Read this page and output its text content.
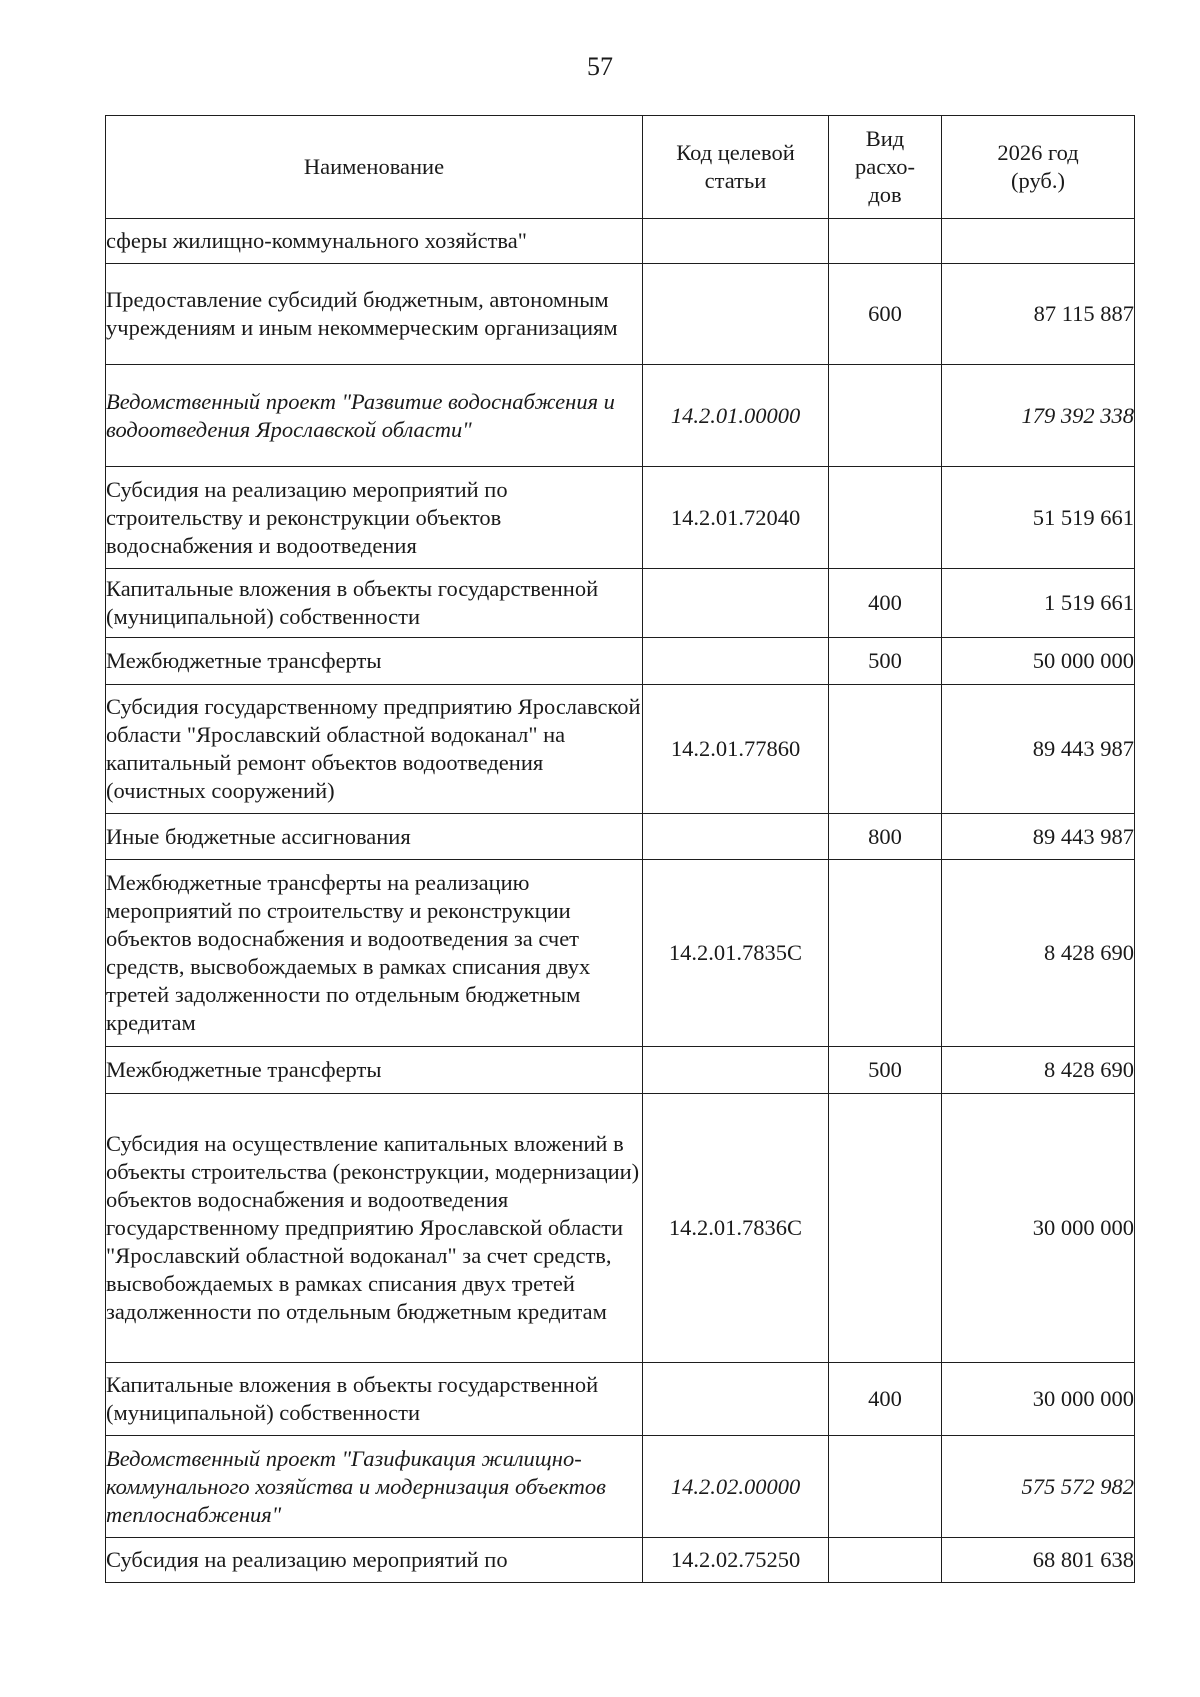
57
Наименование	Код целевой статьи	Вид расхо-дов	2026 год (руб.)
сферы жилищно-коммунального хозяйства"			
Предоставление субсидий бюджетным, автономным учреждениям и иным некоммерческим организациям		600	87 115 887
Ведомственный проект "Развитие водоснабжения и водоотведения Ярославской области"	14.2.01.00000		179 392 338
Субсидия на реализацию мероприятий по строительству и реконструкции объектов водоснабжения и водоотведения	14.2.01.72040		51 519 661
Капитальные вложения в объекты государственной (муниципальной) собственности		400	1 519 661
Межбюджетные трансферты		500	50 000 000
Субсидия государственному предприятию Ярославской области "Ярославский областной водоканал" на капитальный ремонт объектов водоотведения (очистных сооружений)	14.2.01.77860		89 443 987
Иные бюджетные ассигнования		800	89 443 987
Межбюджетные трансферты на реализацию мероприятий по строительству и реконструкции объектов водоснабжения и водоотведения за счет средств, высвобождаемых в рамках списания двух третей задолженности по отдельным бюджетным кредитам	14.2.01.7835С		8 428 690
Межбюджетные трансферты		500	8 428 690
Субсидия на осуществление капитальных вложений в объекты строительства (реконструкции, модернизации) объектов водоснабжения и водоотведения государственному предприятию Ярославской области "Ярославский областной водоканал" за счет средств, высвобождаемых в рамках списания двух третей задолженности по отдельным бюджетным кредитам	14.2.01.7836С		30 000 000
Капитальные вложения в объекты государственной (муниципальной) собственности		400	30 000 000
Ведомственный проект "Газификация жилищно-коммунального хозяйства и модернизация объектов теплоснабжения"	14.2.02.00000		575 572 982
Субсидия на реализацию мероприятий по	14.2.02.75250		68 801 638
